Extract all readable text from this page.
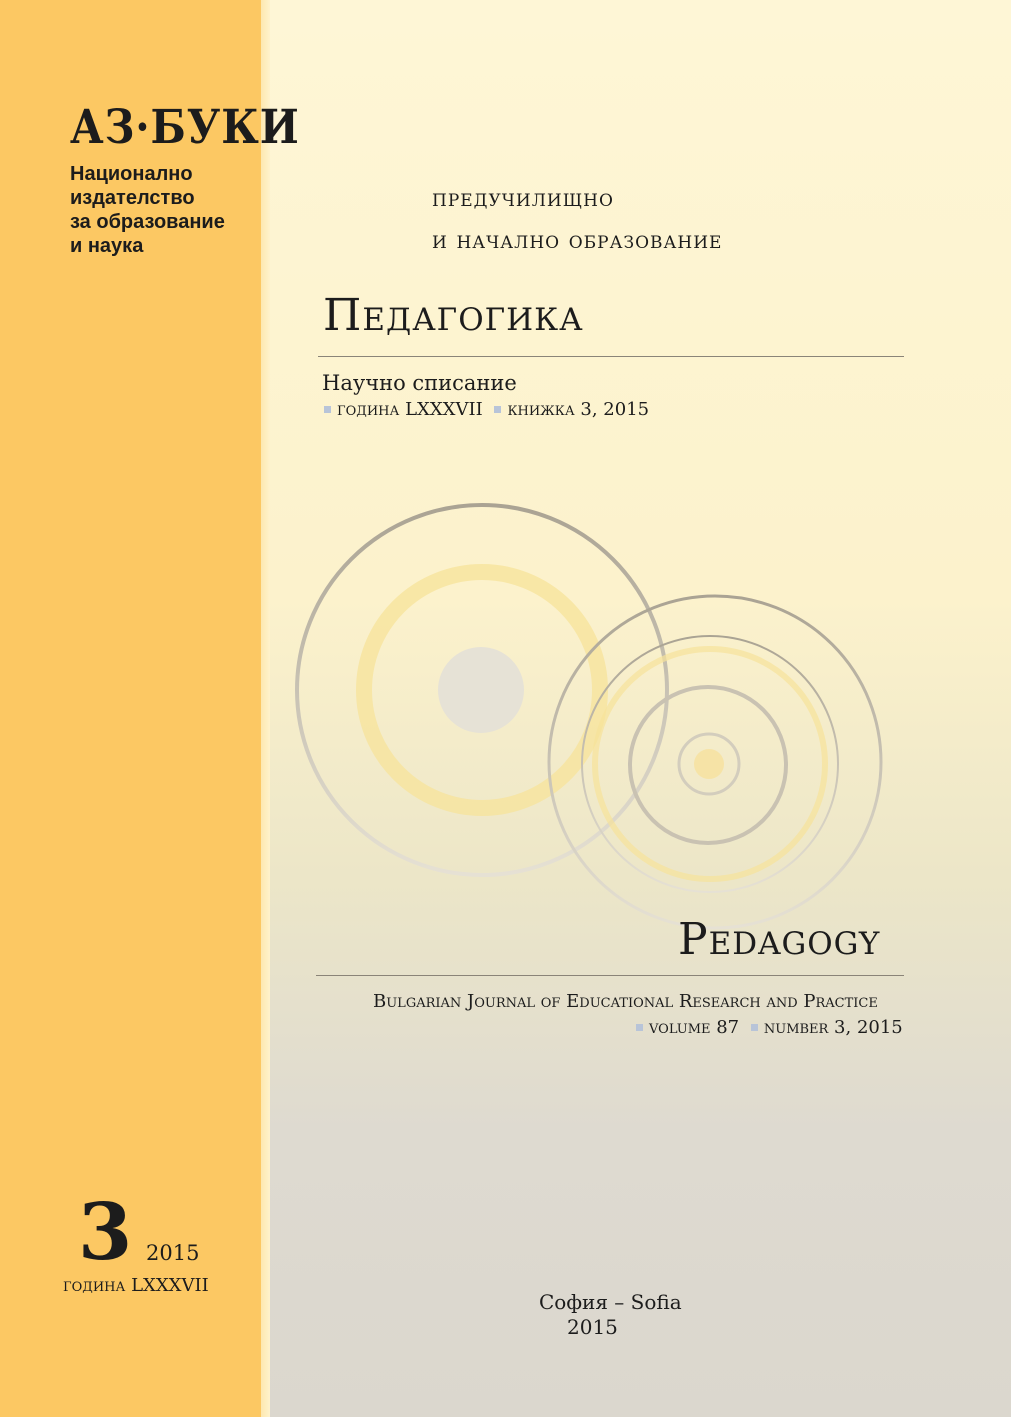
АЗ·БУКИ
Национално
издателство
за образование
и наука
предучилищно
и начално образование
Педагогика
Научно списание
година LXXXVII книжка 3, 2015
Pedagogy
Bulgarian Journal of Educational Research and Practice
volume 87 number 3, 2015
3 2015
година LXXXVII
София – Sofia
2015
